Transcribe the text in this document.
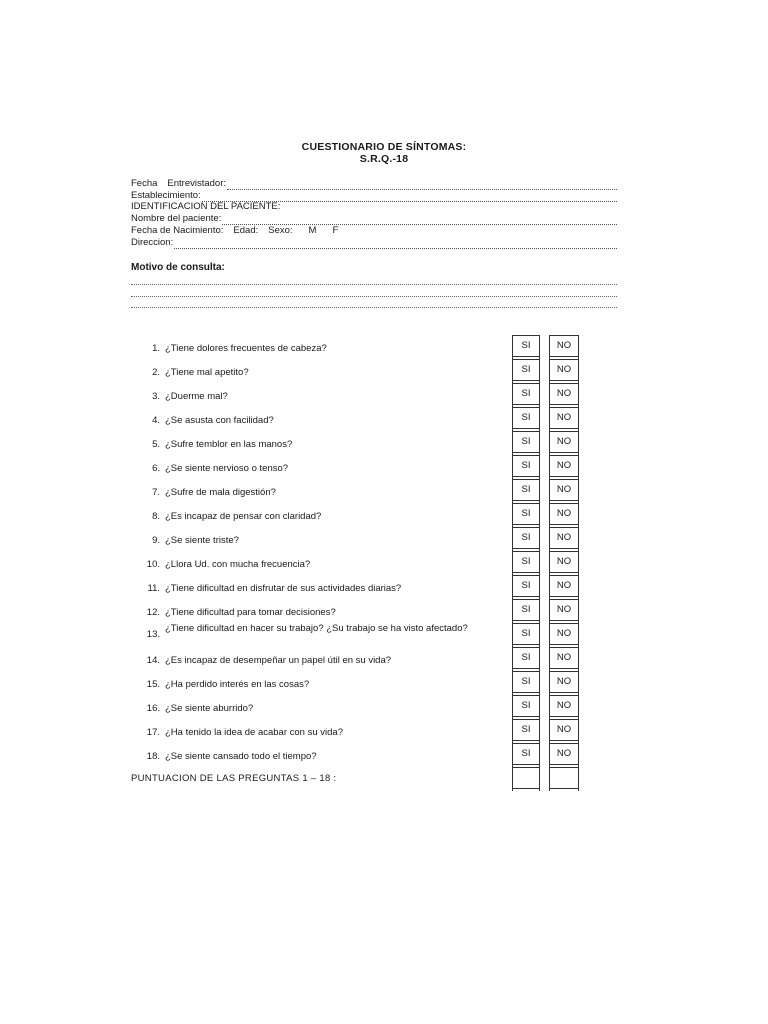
CUESTIONARIO DE SÍNTOMAS:
S.R.Q.-18
Fecha Entrevistador:
Establecimiento:
IDENTIFICACION DEL PACIENTE:
Nombre del paciente:
Fecha de Nacimiento: Edad: Sexo: M F
Direccion:
Motivo de consulta:
1. ¿Tiene dolores frecuentes de cabeza?
2. ¿Tiene mal apetito?
3. ¿Duerme mal?
4. ¿Se asusta con facilidad?
5. ¿Sufre temblor en las manos?
6. ¿Se siente nervioso o tenso?
7. ¿Sufre de mala digestión?
8. ¿Es incapaz de pensar con claridad?
9. ¿Se siente triste?
10. ¿Llora Ud. con mucha frecuencia?
11. ¿Tiene dificultad en disfrutar de sus actividades diarias?
12. ¿Tiene dificultad para tomar decisiones?
13.
¿Tiene dificultad en hacer su trabajo? ¿Su trabajo se ha visto afectado?
14. ¿Es incapaz de desempeñar un papel útil en su vida?
15. ¿Ha perdido interés en las cosas?
16. ¿Se siente aburrido?
17. ¿Ha tenido la idea de acabar con su vida?
18. ¿Se siente cansado todo el tiempo?
SI
SI
SI
SI
SI
SI
SI
SI
SI
SI
SI
SI
SI
SI
SI
SI
SI
SI
NO
NO
NO
NO
NO
NO
NO
NO
NO
NO
NO
NO
NO
NO
NO
NO
NO
NO
PUNTUACION DE LAS PREGUNTAS 1 – 18 :
